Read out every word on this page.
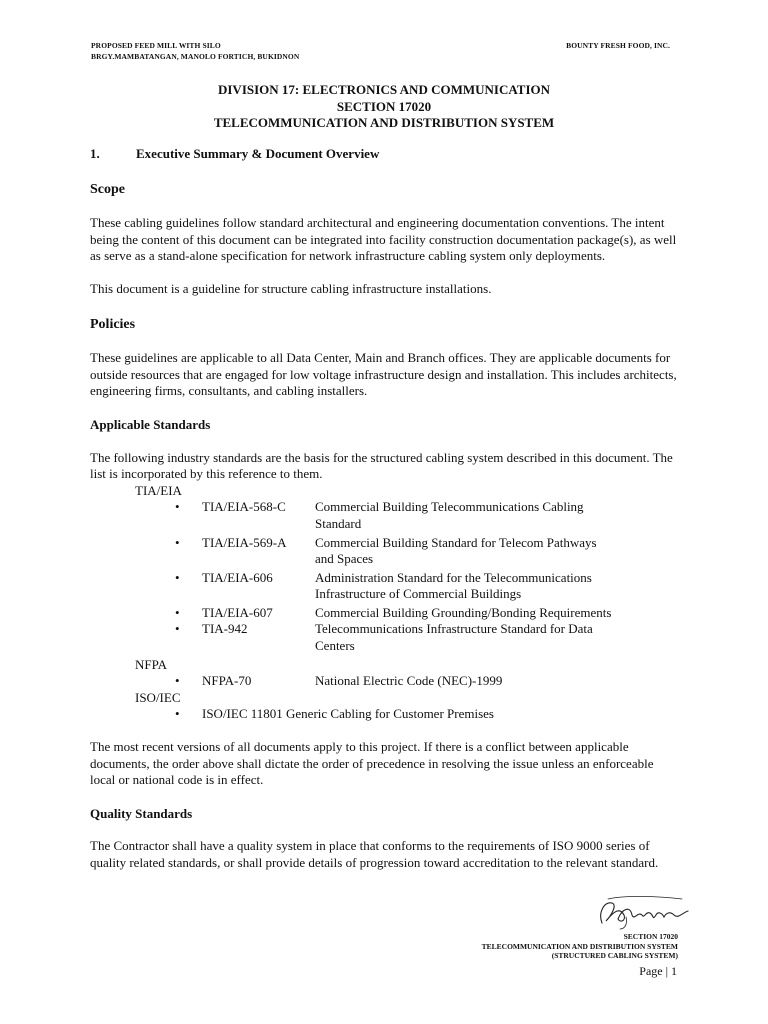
PROPOSED FEED MILL WITH SILO
BRGY.MAMBATANGAN, MANOLO FORTICH, BUKIDNON
BOUNTY FRESH FOOD, INC.
DIVISION 17: ELECTRONICS AND COMMUNICATION
SECTION 17020
TELECOMMUNICATION AND DISTRIBUTION SYSTEM
1.	Executive Summary & Document Overview
Scope

These cabling guidelines follow standard architectural and engineering documentation conventions. The intent being the content of this document can be integrated into facility construction documentation package(s), as well as serve as a stand-alone specification for network infrastructure cabling system only deployments.

This document is a guideline for structure cabling infrastructure installations.

Policies

These guidelines are applicable to all Data Center, Main and Branch offices. They are applicable documents for outside resources that are engaged for low voltage infrastructure design and installation. This includes architects, engineering firms, consultants, and cabling installers.

Applicable Standards

The following industry standards are the basis for the structured cabling system described in this document. The list is incorporated by this reference to them.

TIA/EIA
•	TIA/EIA-568-C	Commercial Building Telecommunications Cabling Standard
•	TIA/EIA-569-A	Commercial Building Standard for Telecom Pathways and Spaces
•	TIA/EIA-606	Administration Standard for the Telecommunications Infrastructure of Commercial Buildings
•	TIA/EIA-607	Commercial Building Grounding/Bonding Requirements
•	TIA-942	Telecommunications Infrastructure Standard for Data Centers
NFPA
•	NFPA-70	National Electric Code (NEC)-1999
ISO/IEC
•	ISO/IEC 11801 Generic Cabling for Customer Premises

The most recent versions of all documents apply to this project. If there is a conflict between applicable documents, the order above shall dictate the order of precedence in resolving the issue unless an enforceable local or national code is in effect.

Quality Standards

The Contractor shall have a quality system in place that conforms to the requirements of ISO 9000 series of quality related standards, or shall provide details of progression toward accreditation to the relevant standard.

SECTION 17020
TELECOMMUNICATION AND DISTRIBUTION SYSTEM
(STRUCTURED CABLING SYSTEM)
Page | 1
